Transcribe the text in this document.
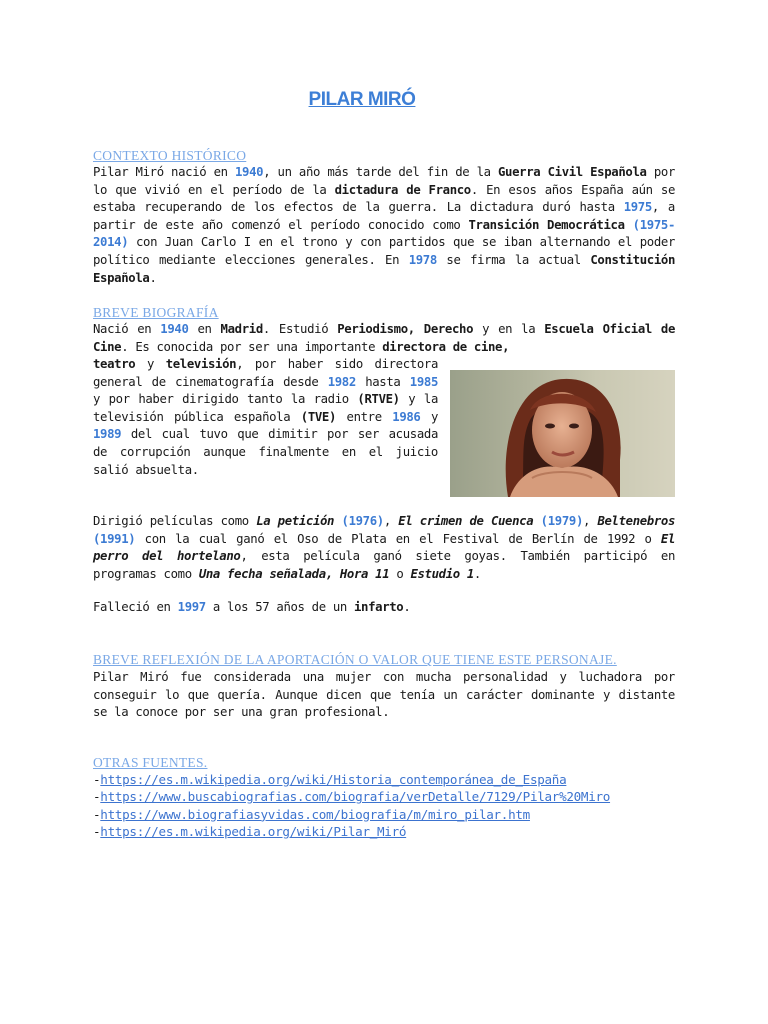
PILAR MIRÓ
CONTEXTO HISTÓRICO
Pilar Miró nació en 1940, un año más tarde del fin de la Guerra Civil Española por lo que vivió en el período de la dictadura de Franco. En esos años España aún se estaba recuperando de los efectos de la guerra. La dictadura duró hasta 1975, a partir de este año comenzó el período conocido como Transición Democrática (1975-2014) con Juan Carlo I en el trono y con partidos que se iban alternando el poder político mediante elecciones generales. En 1978 se firma la actual Constitución Española.
BREVE BIOGRAFÍA
Nació en 1940 en Madrid. Estudió Periodismo, Derecho y en la Escuela Oficial de Cine. Es conocida por ser una importante directora de cine,
teatro y televisión, por haber sido directora general de cinematografía desde 1982 hasta 1985 y por haber dirigido tanto la radio (RTVE) y la televisión pública española (TVE) entre 1986 y 1989 del cual tuvo que dimitir por ser acusada de corrupción aunque finalmente en el juicio salió absuelta.
Dirigió películas como La petición (1976), El crimen de Cuenca (1979), Beltenebros (1991) con la cual ganó el Oso de Plata en el Festival de Berlín de 1992 o El perro del hortelano, esta película ganó siete goyas. También participó en programas como Una fecha señalada, Hora 11 o Estudio 1.
Falleció en 1997 a los 57 años de un infarto.
BREVE REFLEXIÓN DE LA APORTACIÓN O VALOR QUE TIENE ESTE PERSONAJE.
Pilar Miró fue considerada una mujer con mucha personalidad y luchadora por conseguir lo que quería. Aunque dicen que tenía un carácter dominante y distante se la conoce por ser una gran profesional.
OTRAS FUENTES.
-https://es.m.wikipedia.org/wiki/Historia_contemporánea_de_España
-https://www.buscabiografias.com/biografia/verDetalle/7129/Pilar%20Miro
-https://www.biografiasyvidas.com/biografia/m/miro_pilar.htm
-https://es.m.wikipedia.org/wiki/Pilar_Miró
